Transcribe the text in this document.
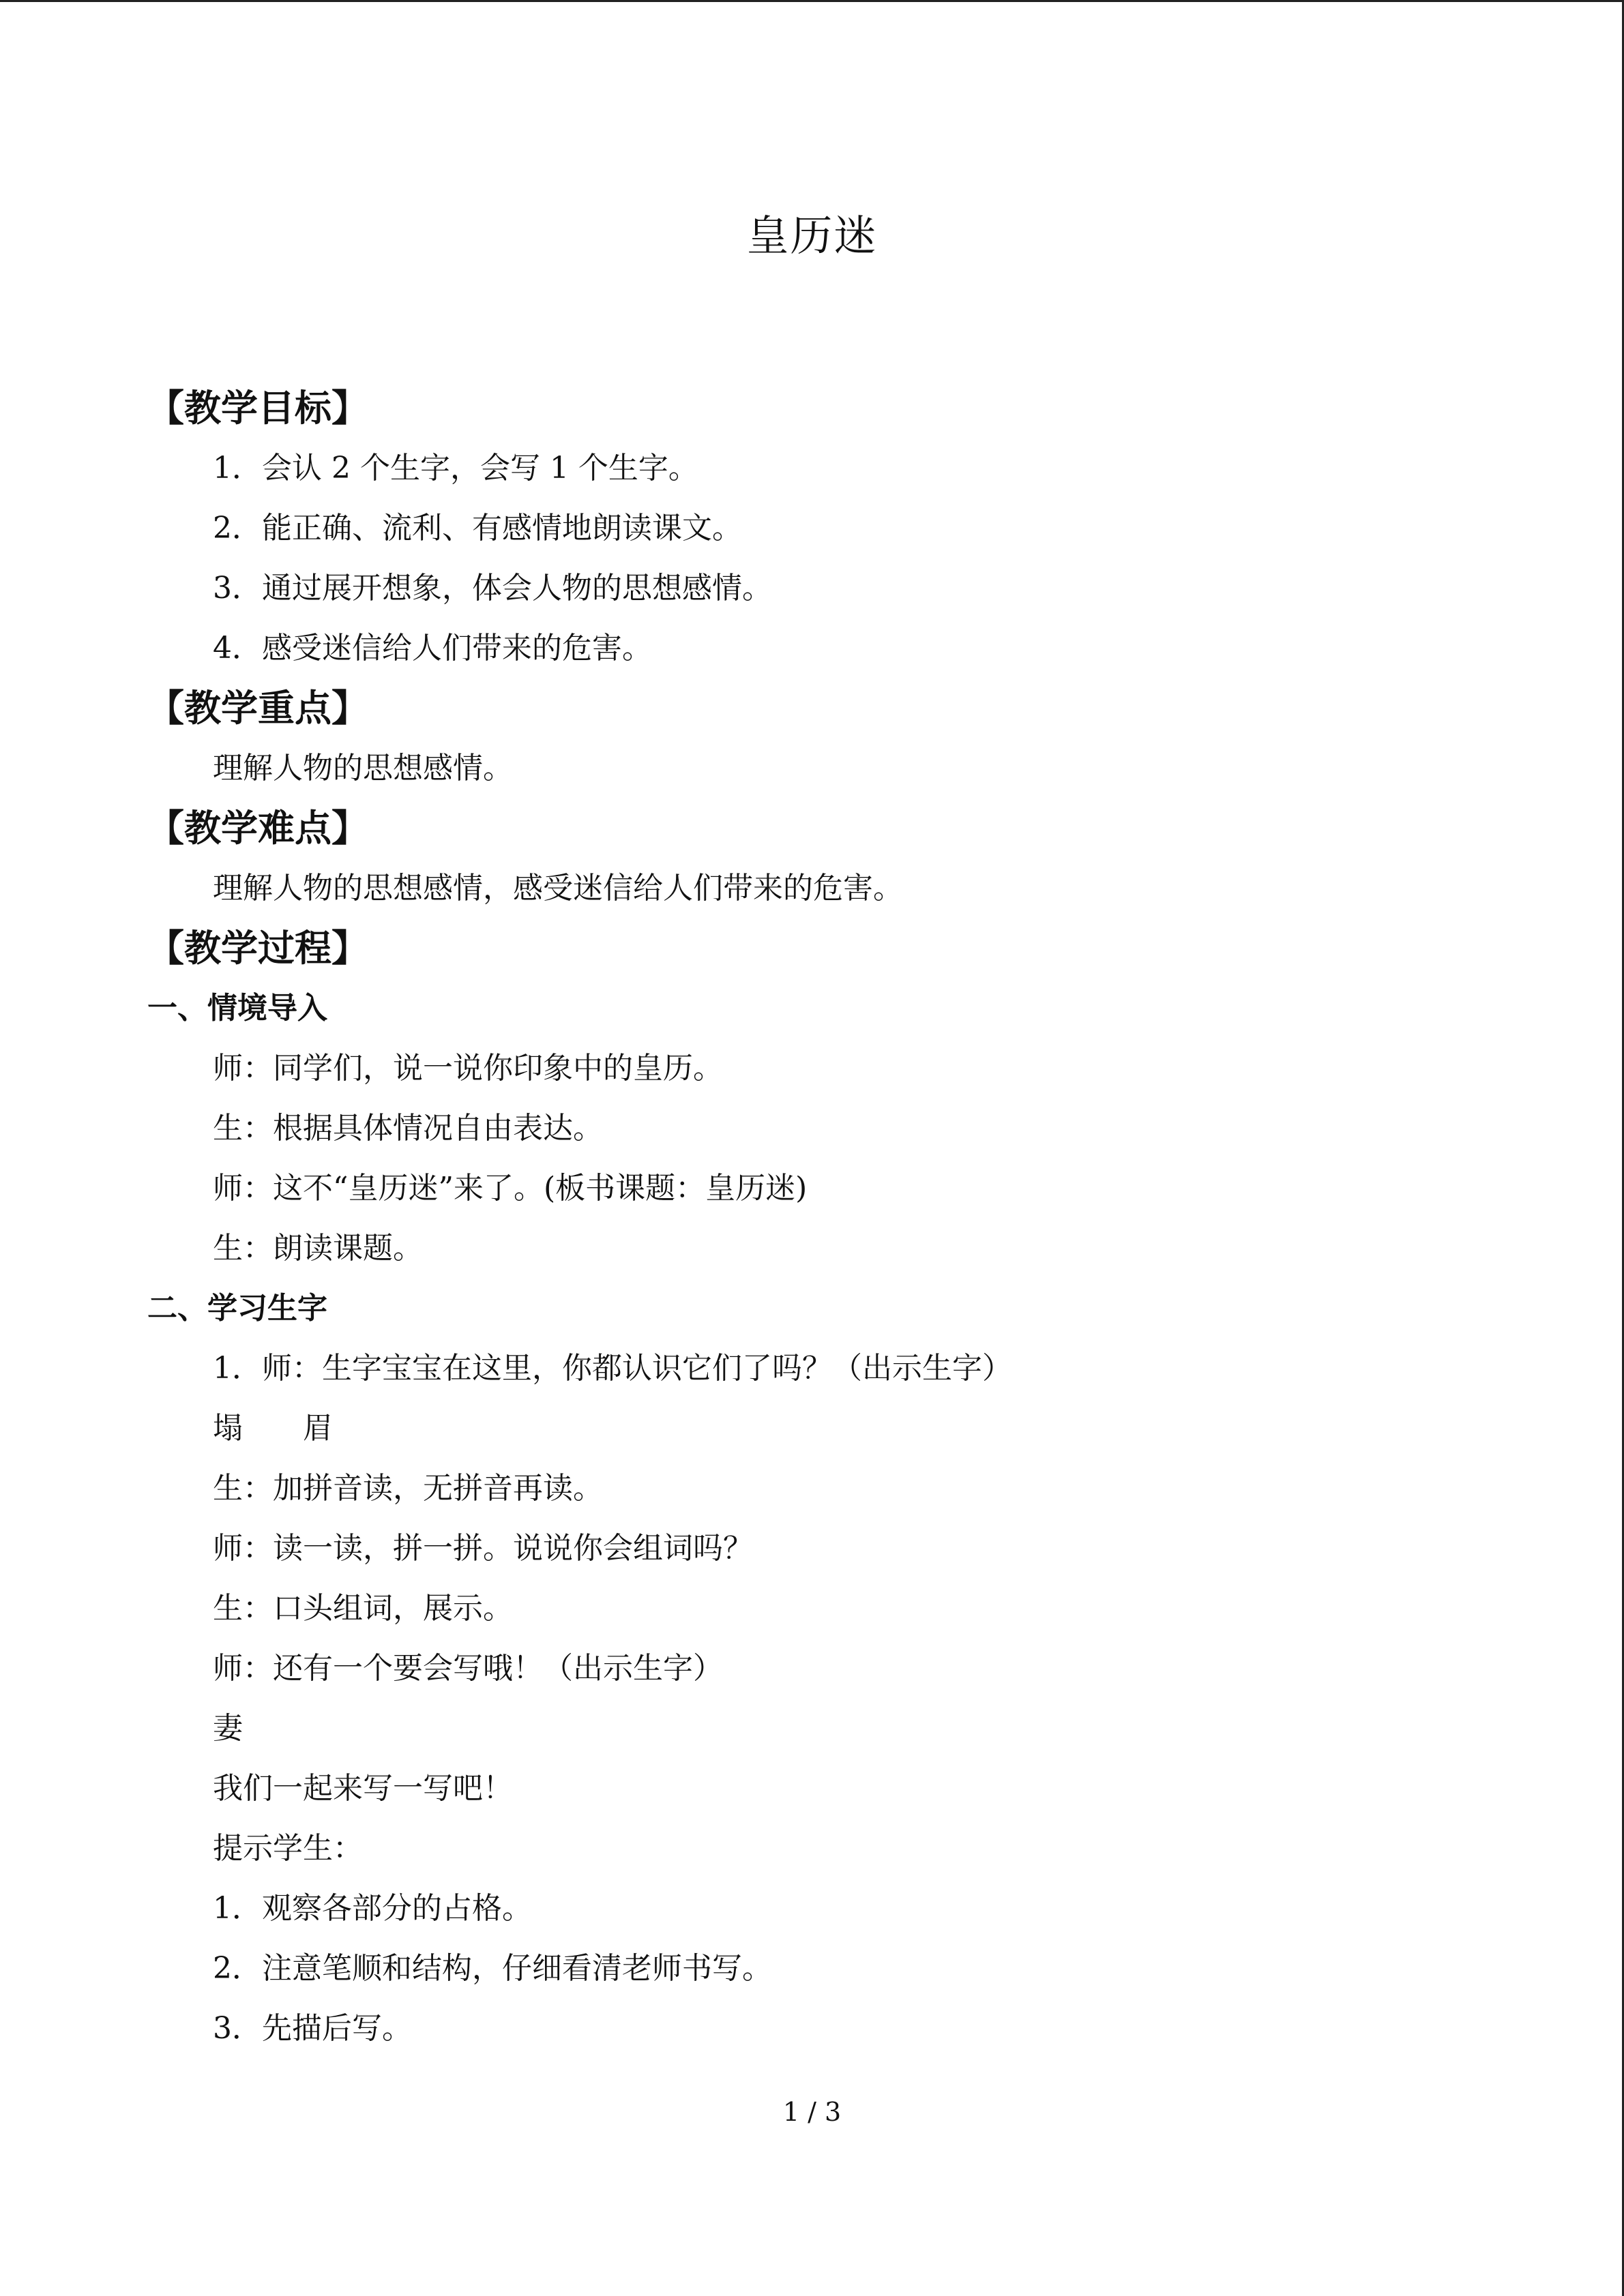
皇历迷
【教学目标】
1．会认 2 个生字，会写 1 个生字。
2．能正确、流利、有感情地朗读课文。
3．通过展开想象，体会人物的思想感情。
4．感受迷信给人们带来的危害。
【教学重点】
理解人物的思想感情。
【教学难点】
理解人物的思想感情，感受迷信给人们带来的危害。
【教学过程】
一、情境导入
师：同学们，说一说你印象中的皇历。
生：根据具体情况自由表达。
师：这不“皇历迷”来了。(板书课题：皇历迷)
生：朗读课题。
二、学习生字
1．师：生字宝宝在这里，你都认识它们了吗？（出示生字）
塌 眉
生：加拼音读，无拼音再读。
师：读一读，拼一拼。说说你会组词吗？
生：口头组词，展示。
师：还有一个要会写哦！（出示生字）
妻
我们一起来写一写吧！
提示学生：
1．观察各部分的占格。
2．注意笔顺和结构，仔细看清老师书写。
3．先描后写。
1 / 3
